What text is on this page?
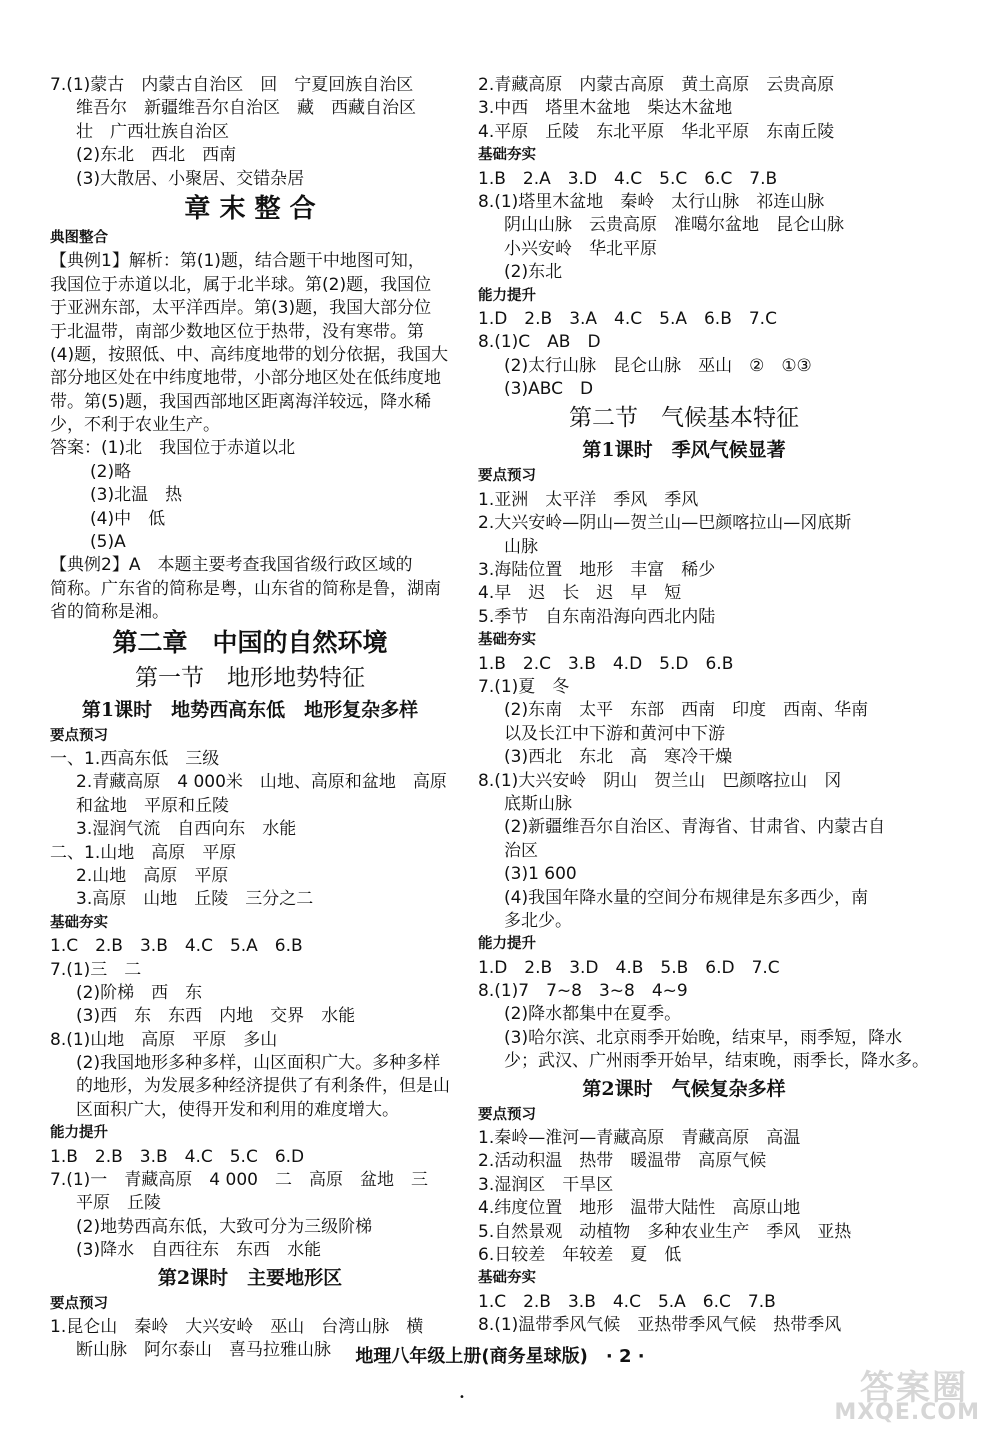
7.(1)蒙古　内蒙古自治区　回　宁夏回族自治区
维吾尔　新疆维吾尔自治区　藏　西藏自治区
壮　广西壮族自治区
(2)东北　西北　西南
(3)大散居、小聚居、交错杂居
章 末 整 合
典图整合
【典例1】解析：第(1)题，结合题干中地图可知，
我国位于赤道以北，属于北半球。第(2)题，我国位
于亚洲东部，太平洋西岸。第(3)题，我国大部分位
于北温带，南部少数地区位于热带，没有寒带。第
(4)题，按照低、中、高纬度地带的划分依据，我国大
部分地区处在中纬度地带，小部分地区处在低纬度地
带。第(5)题，我国西部地区距离海洋较远，降水稀
少，不利于农业生产。
答案：(1)北　我国位于赤道以北
(2)略
(3)北温　热
(4)中　低
(5)A
【典例2】A　本题主要考查我国省级行政区域的
简称。广东省的简称是粤，山东省的简称是鲁，湖南
省的简称是湘。
第二章　中国的自然环境
第一节　地形地势特征
第1课时　地势西高东低　地形复杂多样
要点预习
一、1.西高东低　三级
2.青藏高原　4 000米　山地、高原和盆地　高原
和盆地　平原和丘陵
3.湿润气流　自西向东　水能
二、1.山地　高原　平原
2.山地　高原　平原
3.高原　山地　丘陵　三分之二
基础夯实
1.C　2.B　3.B　4.C　5.A　6.B
7.(1)三　二
(2)阶梯　西　东
(3)西　东　东西　内地　交界　水能
8.(1)山地　高原　平原　多山
(2)我国地形多种多样，山区面积广大。多种多样
的地形，为发展多种经济提供了有利条件，但是山
区面积广大，使得开发和利用的难度增大。
能力提升
1.B　2.B　3.B　4.C　5.C　6.D
7.(1)一　青藏高原　4 000　二　高原　盆地　三
平原　丘陵
(2)地势西高东低，大致可分为三级阶梯
(3)降水　自西往东　东西　水能
第2课时　主要地形区
要点预习
1.昆仑山　秦岭　大兴安岭　巫山　台湾山脉　横
断山脉　阿尔泰山　喜马拉雅山脉
2.青藏高原　内蒙古高原　黄土高原　云贵高原
3.中西　塔里木盆地　柴达木盆地
4.平原　丘陵　东北平原　华北平原　东南丘陵
基础夯实
1.B　2.A　3.D　4.C　5.C　6.C　7.B
8.(1)塔里木盆地　秦岭　太行山脉　祁连山脉
阴山山脉　云贵高原　准噶尔盆地　昆仑山脉
小兴安岭　华北平原
(2)东北
能力提升
1.D　2.B　3.A　4.C　5.A　6.B　7.C
8.(1)C　AB　D
(2)太行山脉　昆仑山脉　巫山　②　①③
(3)ABC　D
第二节　气候基本特征
第1课时　季风气候显著
要点预习
1.亚洲　太平洋　季风　季风
2.大兴安岭—阴山—贺兰山—巴颜喀拉山—冈底斯
山脉
3.海陆位置　地形　丰富　稀少
4.早　迟　长　迟　早　短
5.季节　自东南沿海向西北内陆
基础夯实
1.B　2.C　3.B　4.D　5.D　6.B
7.(1)夏　冬
(2)东南　太平　东部　西南　印度　西南、华南
以及长江中下游和黄河中下游
(3)西北　东北　高　寒冷干燥
8.(1)大兴安岭　阴山　贺兰山　巴颜喀拉山　冈
底斯山脉
(2)新疆维吾尔自治区、青海省、甘肃省、内蒙古自
治区
(3)1 600
(4)我国年降水量的空间分布规律是东多西少，南
多北少。
能力提升
1.D　2.B　3.D　4.B　5.B　6.D　7.C
8.(1)7　7~8　3~8　4~9
(2)降水都集中在夏季。
(3)哈尔滨、北京雨季开始晚，结束早，雨季短，降水
少；武汉、广州雨季开始早，结束晚，雨季长，降水多。
第2课时　气候复杂多样
要点预习
1.秦岭—淮河—青藏高原　青藏高原　高温
2.活动积温　热带　暖温带　高原气候
3.湿润区　干旱区
4.纬度位置　地形　温带大陆性　高原山地
5.自然景观　动植物　多种农业生产　季风　亚热
6.日较差　年较差　夏　低
基础夯实
1.C　2.B　3.B　4.C　5.A　6.C　7.B
8.(1)温带季风气候　亚热带季风气候　热带季风
地理八年级上册(商务星球版)　· 2 ·
•	答案圈
MXQE.COM
